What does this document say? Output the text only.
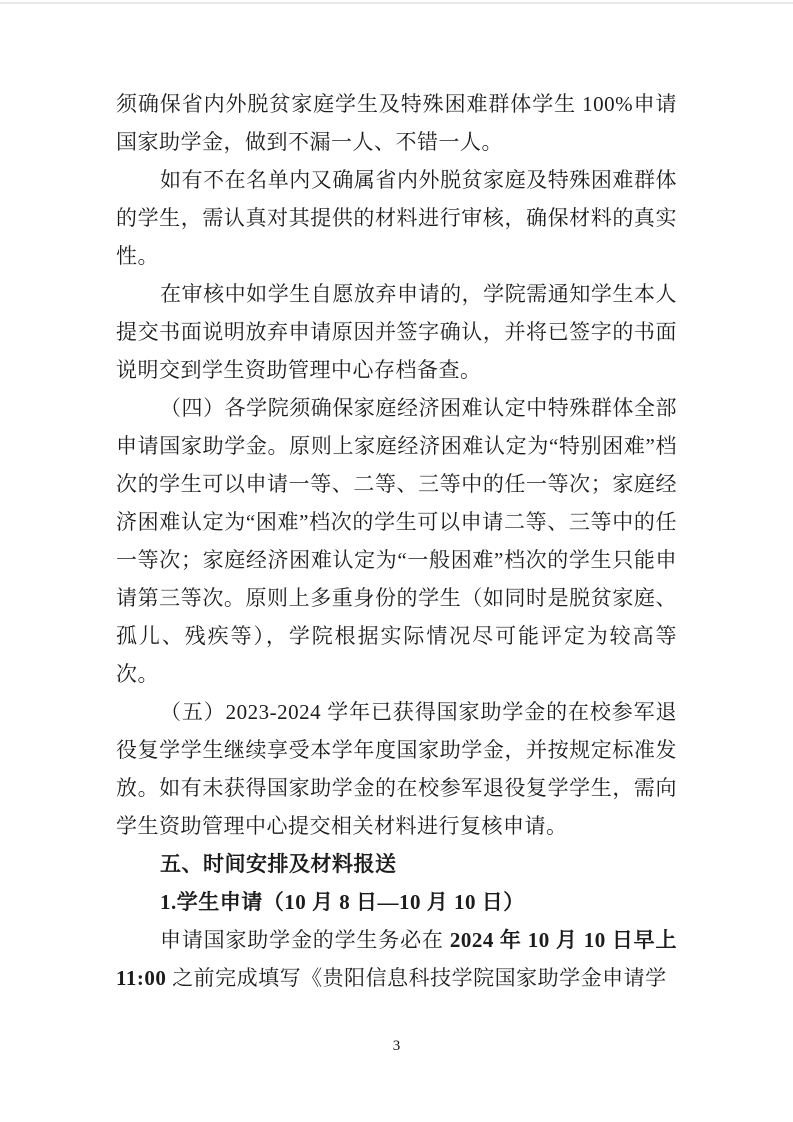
须确保省内外脱贫家庭学生及特殊困难群体学生 100%申请国家助学金，做到不漏一人、不错一人。

如有不在名单内又确属省内外脱贫家庭及特殊困难群体的学生，需认真对其提供的材料进行审核，确保材料的真实性。

在审核中如学生自愿放弃申请的，学院需通知学生本人提交书面说明放弃申请原因并签字确认，并将已签字的书面说明交到学生资助管理中心存档备查。

（四）各学院须确保家庭经济困难认定中特殊群体全部申请国家助学金。原则上家庭经济困难认定为“特别困难”档次的学生可以申请一等、二等、三等中的任一等次；家庭经济困难认定为“困难”档次的学生可以申请二等、三等中的任一等次；家庭经济困难认定为“一般困难”档次的学生只能申请第三等次。原则上多重身份的学生（如同时是脱贫家庭、孤儿、残疾等），学院根据实际情况尽可能评定为较高等次。

（五）2023-2024 学年已获得国家助学金的在校参军退役复学学生继续享受本学年度国家助学金，并按规定标准发放。如有未获得国家助学金的在校参军退役复学学生，需向学生资助管理中心提交相关材料进行复核申请。

五、时间安排及材料报送

1.学生申请（10 月 8 日—10 月 10 日）

申请国家助学金的学生务必在 2024 年 10 月 10 日早上 11:00 之前完成填写《贵阳信息科技学院国家助学金申请学

3
